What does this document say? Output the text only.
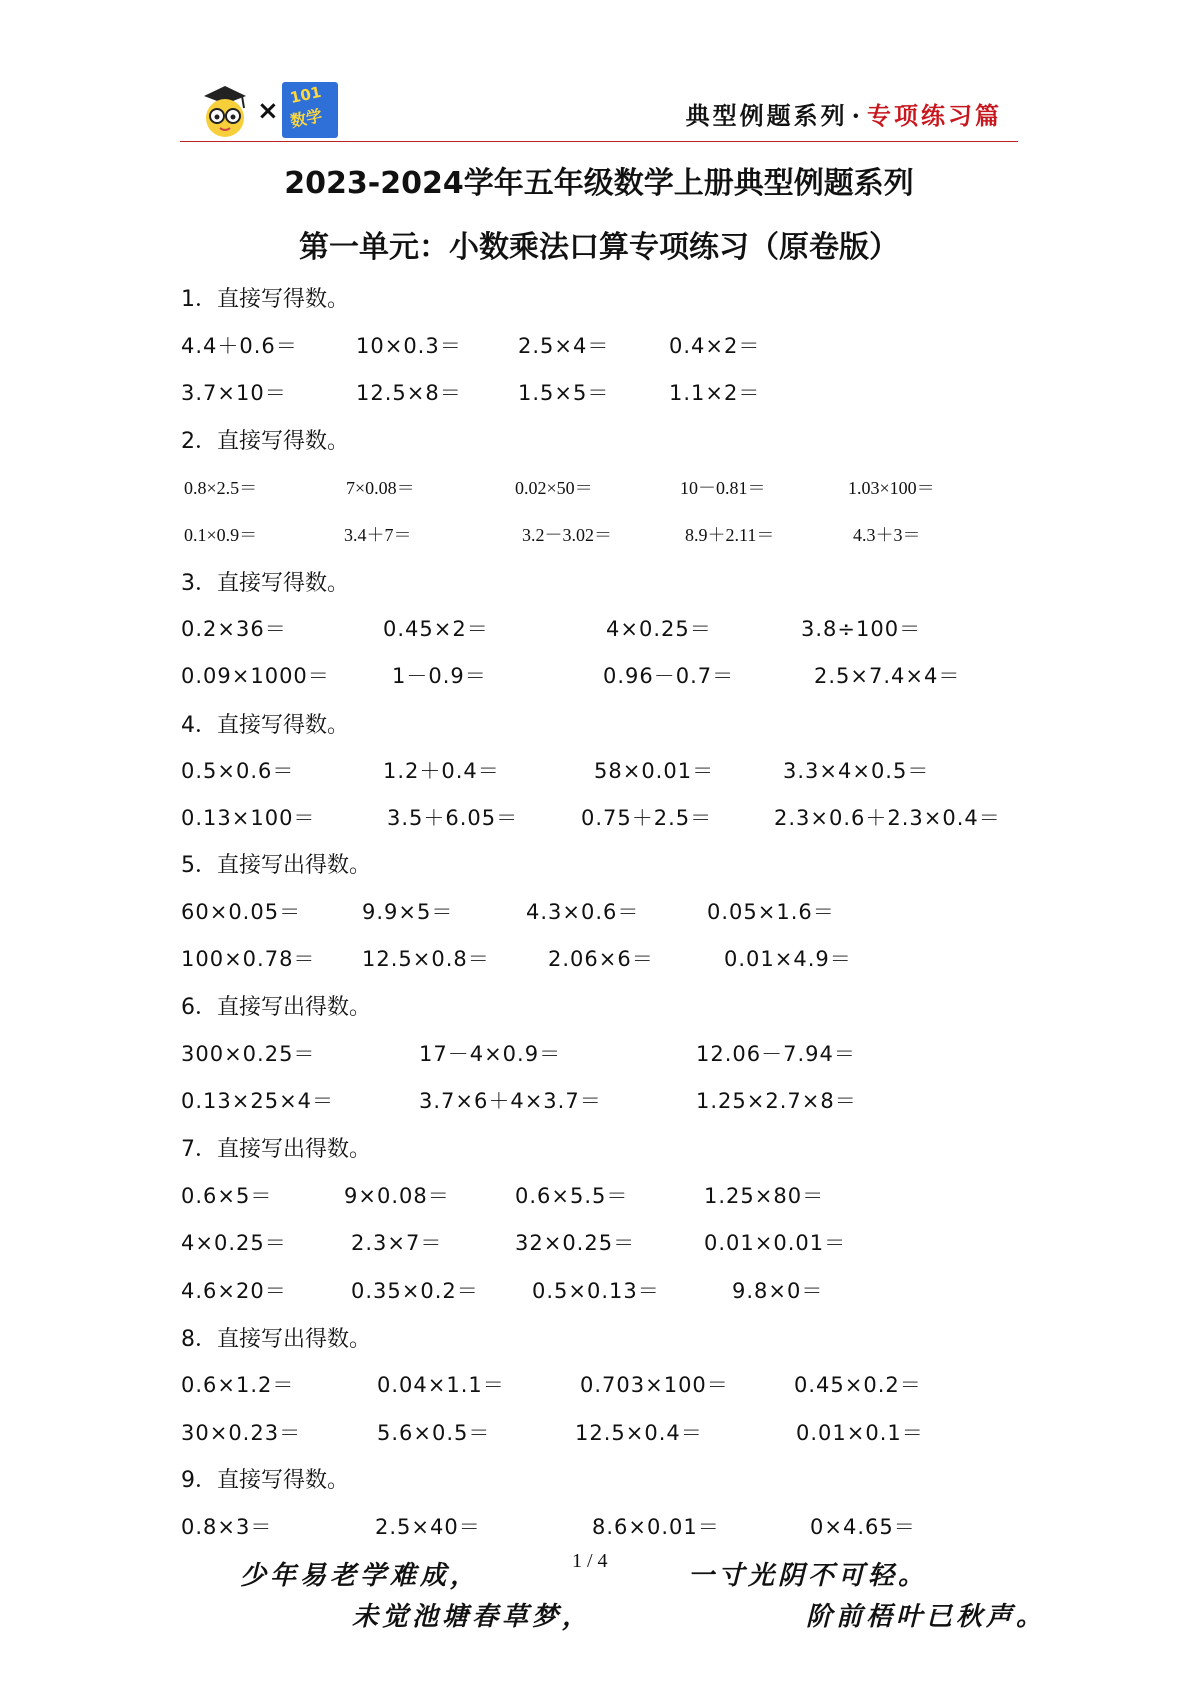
×
101
数学	典型例题系列 · 专项练习篇
2023-2024学年五年级数学上册典型例题系列
第一单元：小数乘法口算专项练习（原卷版）
1．直接写得数。
4.4＋0.6＝	10×0.3＝	2.5×4＝	0.4×2＝
3.7×10＝	12.5×8＝	1.5×5＝	1.1×2＝
2．直接写得数。
0.8×2.5＝	7×0.08＝	0.02×50＝	10－0.81＝	1.03×100＝
0.1×0.9＝	3.4＋7＝	3.2－3.02＝	8.9＋2.11＝	4.3＋3＝
3．直接写得数。
0.2×36＝	0.45×2＝	4×0.25＝	3.8÷100＝
0.09×1000＝	1－0.9＝	0.96－0.7＝	2.5×7.4×4＝
4．直接写得数。
0.5×0.6＝	1.2＋0.4＝	58×0.01＝	3.3×4×0.5＝
0.13×100＝	3.5＋6.05＝	0.75＋2.5＝	2.3×0.6＋2.3×0.4＝
5．直接写出得数。
60×0.05＝	9.9×5＝	4.3×0.6＝	0.05×1.6＝
100×0.78＝ 12.5×0.8＝	2.06×6＝	0.01×4.9＝
6．直接写出得数。
300×0.25＝	17－4×0.9＝	12.06－7.94＝
0.13×25×4＝	3.7×6＋4×3.7＝	1.25×2.7×8＝
7．直接写出得数。
0.6×5＝	9×0.08＝	0.6×5.5＝	1.25×80＝
4×0.25＝	2.3×7＝	32×0.25＝	0.01×0.01＝
4.6×20＝	0.35×0.2＝	0.5×0.13＝	9.8×0＝
8．直接写出得数。
0.6×1.2＝	0.04×1.1＝	0.703×100＝	0.45×0.2＝
30×0.23＝	5.6×0.5＝	12.5×0.4＝	0.01×0.1＝
9．直接写得数。
0.8×3＝	2.5×40＝	8.6×0.01＝	0×4.65＝
少年易老学难成，	1 / 4	一寸光阴不可轻。
未觉池塘春草梦，	阶前梧叶已秋声。
